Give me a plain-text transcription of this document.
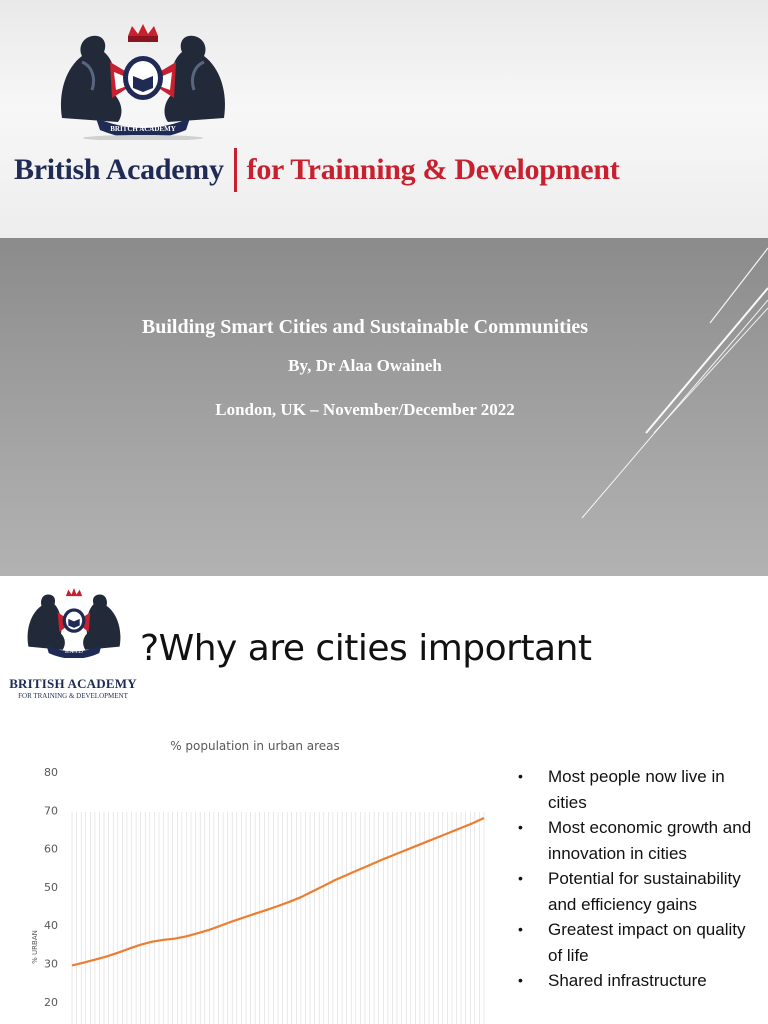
BRITCH ACADEMY
British Academy for Trainning & Development
Building Smart Cities and Sustainable Communities
By, Dr Alaa Owaineh
London, UK – November/December 2022
B.A.T.D
BRITISH ACADEMY
FOR TRAINING & DEVELOPMENT
?Why are cities important
% population in urban areas
% URBAN
20
30
40
50
60
70
80	• Most people now live in cities
• Most economic growth and innovation in cities
• Potential for sustainability and efficiency gains
• Greatest impact on quality of life
• Shared infrastructure
